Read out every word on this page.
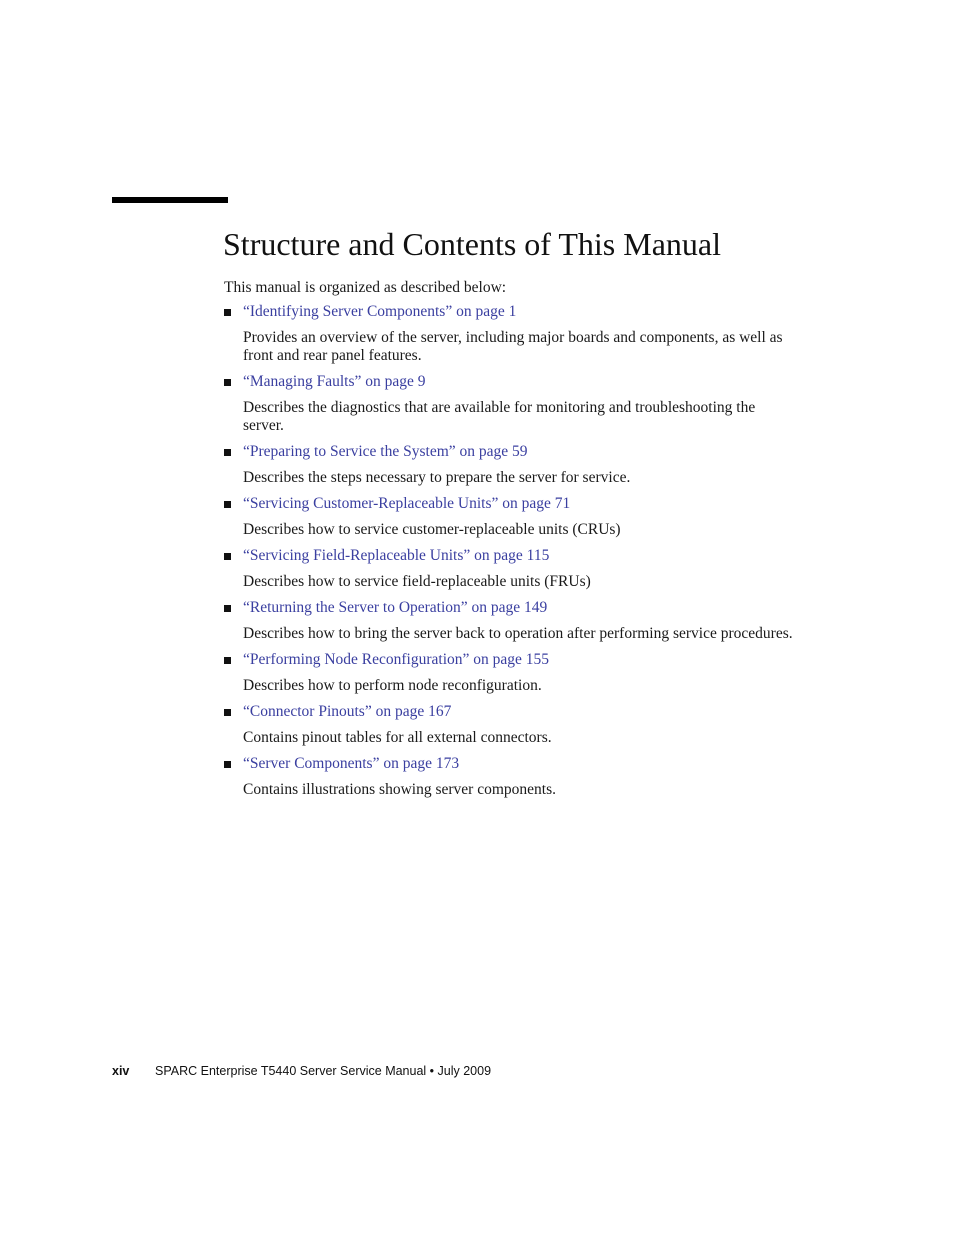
Structure and Contents of This Manual

This manual is organized as described below:

“Identifying Server Components” on page 1
Provides an overview of the server, including major boards and components, as well as front and rear panel features.
“Managing Faults” on page 9
Describes the diagnostics that are available for monitoring and troubleshooting the server.
“Preparing to Service the System” on page 59
Describes the steps necessary to prepare the server for service.
“Servicing Customer-Replaceable Units” on page 71
Describes how to service customer-replaceable units (CRUs)
“Servicing Field-Replaceable Units” on page 115
Describes how to service field-replaceable units (FRUs)
“Returning the Server to Operation” on page 149
Describes how to bring the server back to operation after performing service procedures.
“Performing Node Reconfiguration” on page 155
Describes how to perform node reconfiguration.
“Connector Pinouts” on page 167
Contains pinout tables for all external connectors.
“Server Components” on page 173
Contains illustrations showing server components.
xiv SPARC Enterprise T5440 Server Service Manual • July 2009
